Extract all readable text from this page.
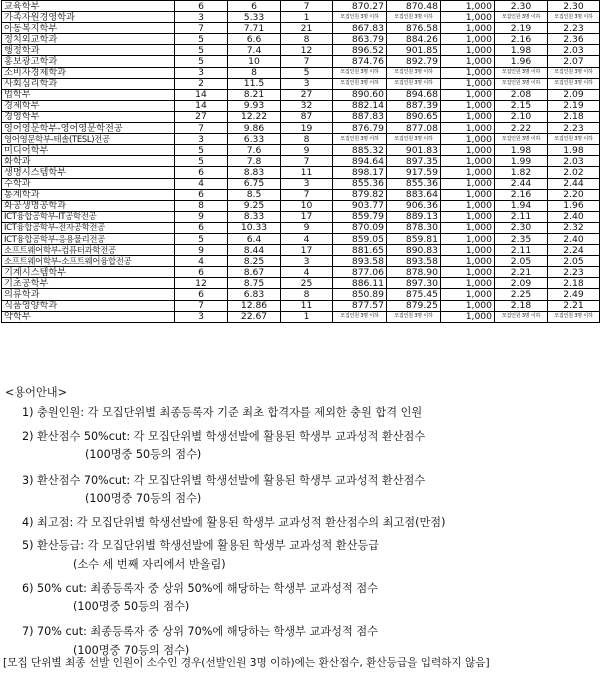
교육학부	6	6	7	870.27	870.48	1,000	2.30	2.30
가족자원경영학과	3	5.33	1	모집인원 3명 이하	모집인원 3명 이하	1,000	모집인원 3명 이하	모집인원 3명 이하
아동복지학부	7	7.71	21	867.83	876.58	1,000	2.19	2.23
정치외교학과	5	6.6	8	863.79	884.26	1,000	2.16	2.36
행정학과	5	7.4	12	896.52	901.85	1,000	1.98	2.03
홍보광고학과	5	10	7	874.76	892.79	1,000	1.96	2.07
소비자경제학과	3	8	5	모집인원 3명 이하	모집인원 3명 이하	1,000	모집인원 3명 이하	모집인원 3명 이하
사회심리학과	2	11.5	3	모집인원 3명 이하	모집인원 3명 이하	1,000	모집인원 3명 이하	모집인원 3명 이하
법학부	14	8.21	27	890.60	894.68	1,000	2.08	2.09
경제학부	14	9.93	32	882.14	887.39	1,000	2.15	2.19
경영학부	27	12.22	87	887.83	890.65	1,000	2.10	2.18
영어영문학부-영어영문학전공	7	9.86	19	876.79	877.08	1,000	2.22	2.23
영어영문학부-테솔(TESL)전공	3	6.33	8	모집인원 3명 이하	모집인원 3명 이하	1,000	모집인원 3명 이하	모집인원 3명 이하
미디어학부	5	7.6	9	885.32	901.83	1,000	1.98	1.98
화학과	5	7.8	7	894.64	897.35	1,000	1.99	2.03
생명시스템학부	6	8.83	11	898.17	917.59	1,000	1.82	2.02
수학과	4	6.75	3	855.36	855.36	1,000	2.44	2.44
통계학과	6	8.5	7	879.82	883.64	1,000	2.16	2.20
화공생명공학과	8	9.25	10	903.77	906.36	1,000	1.94	1.96
ICT융합공학부-IT공학전공	9	8.33	17	859.79	889.13	1,000	2.11	2.40
ICT융합공학부-전자공학전공	6	10.33	9	870.09	878.30	1,000	2.30	2.32
ICT융합공학부-응용물리전공	5	6.4	4	859.05	859.81	1,000	2.35	2.40
소프트웨어학부-컴퓨터과학전공	9	8.44	17	881.65	890.83	1,000	2.11	2.24
소프트웨어학부-소프트웨어융합전공	4	8.25	3	893.58	893.58	1,000	2.05	2.05
기계시스템학부	6	8.67	4	877.06	878.90	1,000	2.21	2.23
기초공학부	12	8.75	25	886.11	897.30	1,000	2.09	2.18
의류학과	6	6.83	8	850.89	875.45	1,000	2.25	2.49
식품영양학과	7	12.86	11	877.57	879.25	1,000	2.18	2.21
약학부	3	22.67	1	모집인원 3명 이하	모집인원 3명 이하	1,000	모집인원 3명 이하	모집인원 3명 이하
<용어안내>
1) 충원인원: 각 모집단위별 최종등록자 기준 최초 합격자를 제외한 충원 합격 인원
2) 환산점수 50%cut: 각 모집단위별 학생선발에 활용된 학생부 교과성적 환산점수
(100명중 50등의 점수)
3) 환산점수 70%cut: 각 모집단위별 학생선발에 활용된 학생부 교과성적 환산점수
(100명중 70등의 점수)
4) 최고점: 각 모집단위별 학생선발에 활용된 학생부 교과성적 환산점수의 최고점(만점)
5) 환산등급: 각 모집단위별 학생선발에 활용된 학생부 교과성적 환산등급
(소수 세 번째 자리에서 반올림)
6) 50% cut: 최종등록자 중 상위 50%에 해당하는 학생부 교과성적 점수
(100명중 50등의 점수)
7) 70% cut: 최종등록자 중 상위 70%에 해당하는 학생부 교과성적 점수
(100명중 70등의 점수)
[모집 단위별 최종 선발 인원이 소수인 경우(선발인원 3명 이하)에는 환산점수, 환산등급을 입력하지 않음]
